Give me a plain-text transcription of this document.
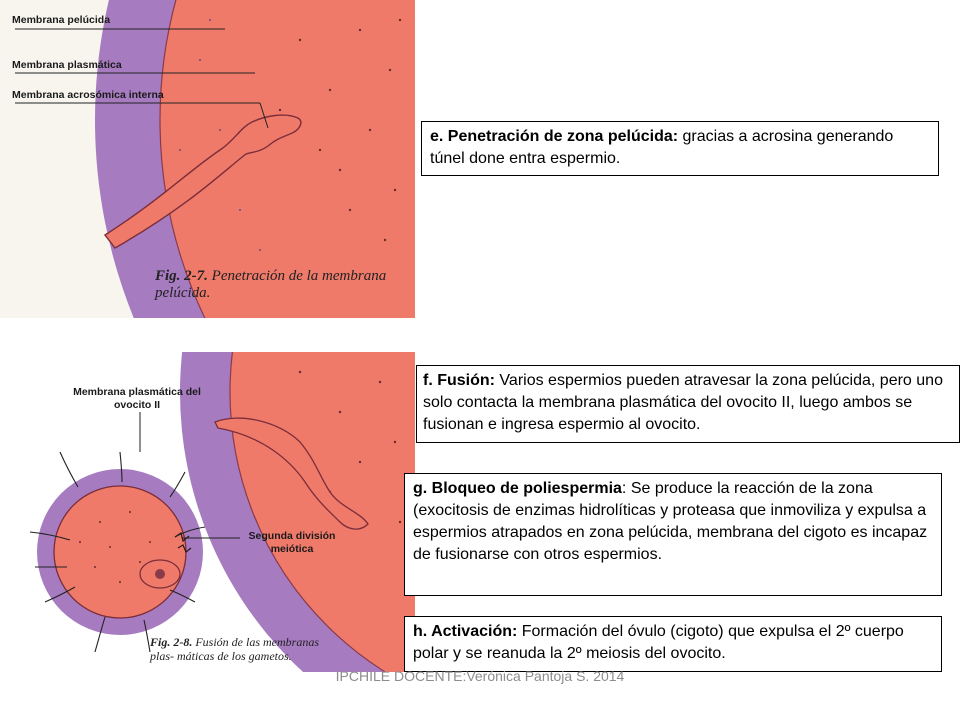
Membrana pelúcida
Membrana plasmática
Membrana acrosómica interna
Fig. 2-7. Penetración de la membrana pelúcida.
Membrana plasmática del ovocito II
Segunda división meiótica
Fig. 2-8. Fusión de las membranas plas- máticas de los gametos.
e. Penetración de zona pelúcida: gracias a acrosina generando túnel done entra espermio.
f. Fusión: Varios espermios pueden atravesar la zona pelúcida, pero uno solo contacta la membrana plasmática del ovocito II, luego ambos se fusionan e ingresa espermio al ovocito.
g. Bloqueo de poliespermia: Se produce la reacción de la zona (exocitosis de enzimas hidrolíticas y proteasa que inmoviliza y expulsa a espermios atrapados en zona pelúcida, membrana del cigoto es incapaz de fusionarse con otros espermios.
h. Activación: Formación del óvulo (cigoto) que expulsa el 2º cuerpo polar y se reanuda la 2º meiosis del ovocito.
IPCHILE DOCENTE:Verónica Pantoja S. 2014
